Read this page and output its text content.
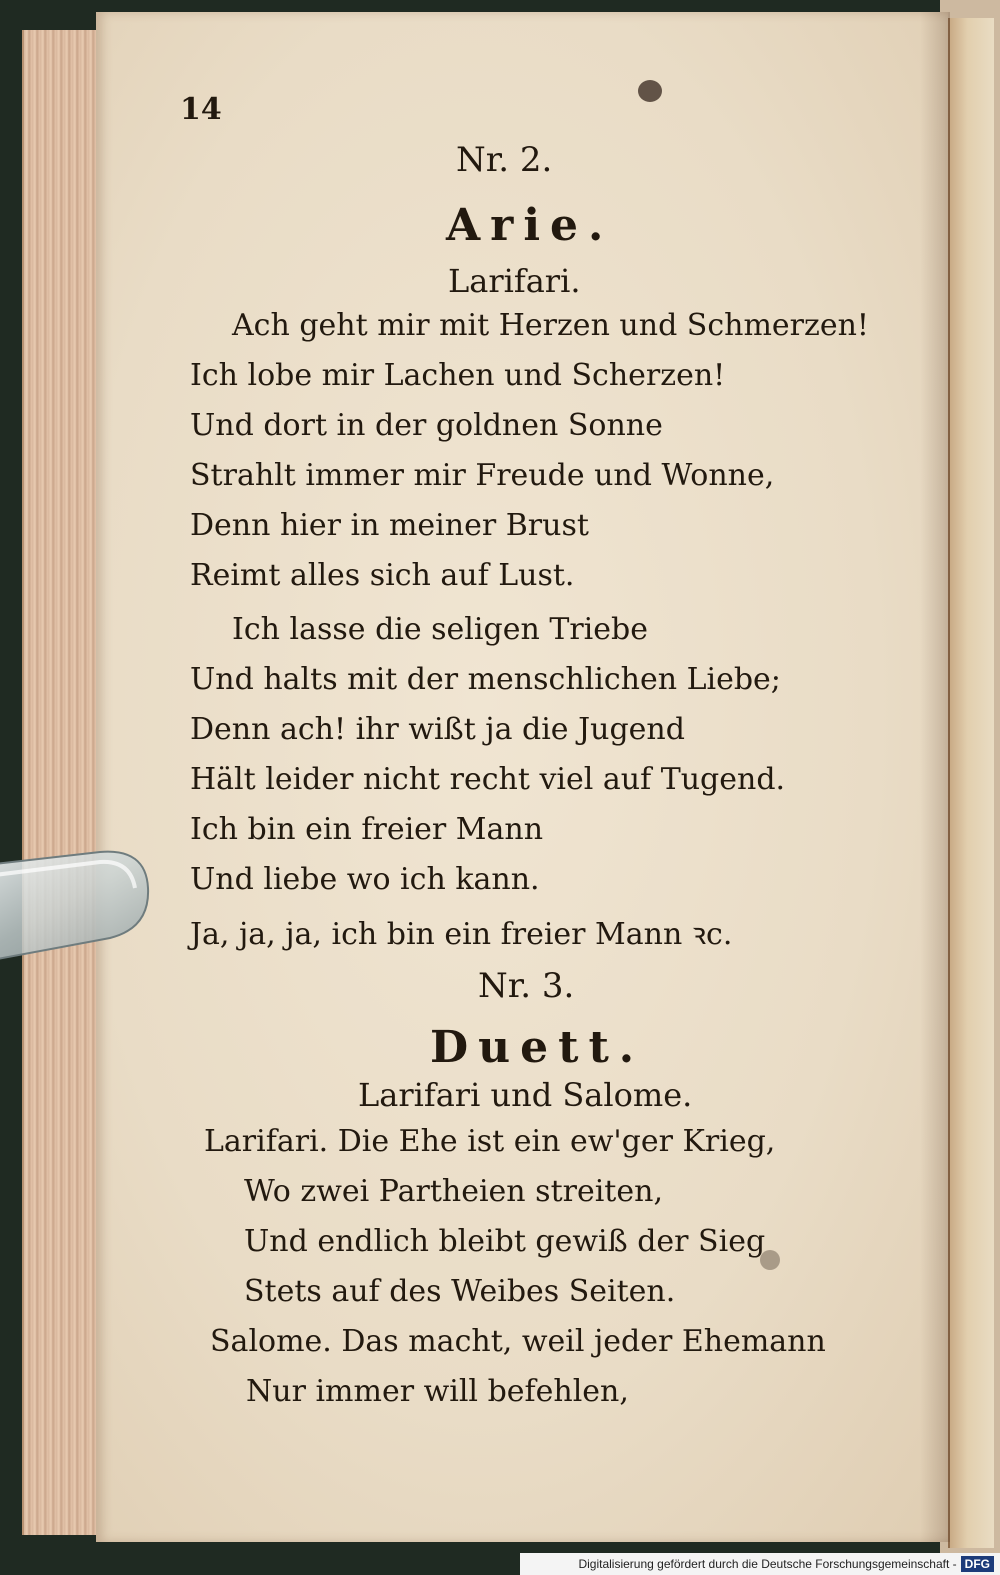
14
Nr. 2.
Arie.
Larifari.
Ach geht mir mit Herzen und Schmerzen!
Ich lobe mir Lachen und Scherzen!
Und dort in der goldnen Sonne
Strahlt immer mir Freude und Wonne,
Denn hier in meiner Brust
Reimt alles sich auf Lust.
Ich lasse die seligen Triebe
Und halts mit der menschlichen Liebe;
Denn ach! ihr wißt ja die Jugend
Hält leider nicht recht viel auf Tugend.
Ich bin ein freier Mann
Und liebe wo ich kann.
Ja, ja, ja, ich bin ein freier Mann ꝛc.
Nr. 3.
Duett.
Larifari und Salome.
Larifari. Die Ehe ist ein ew'ger Krieg,
Wo zwei Partheien streiten,
Und endlich bleibt gewiß der Sieg
Stets auf des Weibes Seiten.
Salome. Das macht, weil jeder Ehemann
Nur immer will befehlen,
Digitalisierung gefördert durch die Deutsche Forschungsgemeinschaft - DFG
